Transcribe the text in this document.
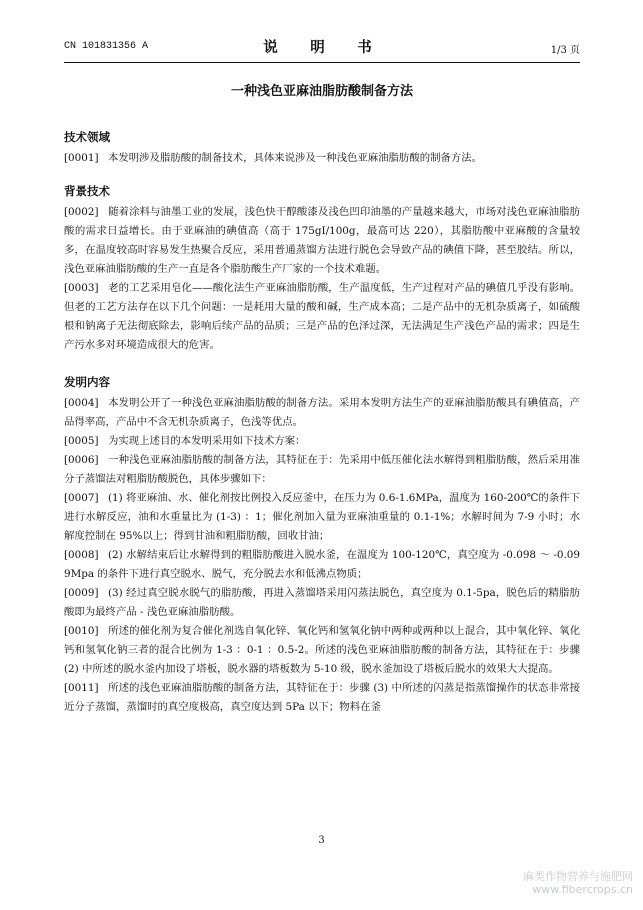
CN 101831356 A	说　明　书	1/3 页
一种浅色亚麻油脂肪酸制备方法
技术领域

[0001] 本发明涉及脂肪酸的制备技术，具体来说涉及一种浅色亚麻油脂肪酸的制备方法。

背景技术

[0002] 随着涂料与油墨工业的发展，浅色快干醇酸漆及浅色凹印油墨的产量越来越大，市场对浅色亚麻油脂肪酸的需求日益增长。由于亚麻油的碘值高（高于 175gI/100g，最高可达 220），其脂肪酸中亚麻酸的含量较多，在温度较高时容易发生热聚合反应，采用普通蒸馏方法进行脱色会导致产品的碘值下降，甚至胶结。所以，浅色亚麻油脂肪酸的生产一直是各个脂肪酸生产厂家的一个技术难题。

[0003] 老的工艺采用皂化——酸化法生产亚麻油脂肪酸，生产温度低，生产过程对产品的碘值几乎没有影响。但老的工艺方法存在以下几个问题：一是耗用大量的酸和碱，生产成本高；二是产品中的无机杂质离子，如硫酸根和钠离子无法彻底除去，影响后续产品的品质；三是产品的色泽过深，无法满足生产浅色产品的需求；四是生产污水多对环境造成很大的危害。

发明内容

[0004] 本发明公开了一种浅色亚麻油脂肪酸的制备方法。采用本发明方法生产的亚麻油脂肪酸具有碘值高，产品得率高，产品中不含无机杂质离子，色浅等优点。

[0005] 为实现上述目的本发明采用如下技术方案：

[0006] 一种浅色亚麻油脂肪酸的制备方法，其特征在于：先采用中低压催化法水解得到粗脂肪酸，然后采用准分子蒸馏法对粗脂肪酸脱色，具体步骤如下：

[0007] (1) 将亚麻油、水、催化剂按比例投入反应釜中，在压力为 0.6-1.6MPa，温度为 160-200℃的条件下进行水解反应，油和水重量比为 (1-3) ：1；催化剂加入量为亚麻油重量的 0.1-1%；水解时间为 7-9 小时；水解度控制在 95%以上；得到甘油和粗脂肪酸，回收甘油；

[0008] (2) 水解结束后让水解得到的粗脂肪酸进入脱水釜，在温度为 100-120℃，真空度为 -0.098 ～ -0.099Mpa 的条件下进行真空脱水、脱气，充分脱去水和低沸点物质；

[0009] (3) 经过真空脱水脱气的脂肪酸，再进入蒸馏塔采用闪蒸法脱色，真空度为 0.1-5pa，脱色后的精脂肪酸即为最终产品 - 浅色亚麻油脂肪酸。

[0010] 所述的催化剂为复合催化剂选自氧化锌、氧化钙和氢氧化钠中两种或两种以上混合，其中氧化锌、氧化钙和氢氧化钠三者的混合比例为 1-3 ：0-1 ：0.5-2。所述的浅色亚麻油脂肪酸的制备方法，其特征在于：步骤 (2) 中所述的脱水釜内加设了塔板，脱水器的塔板数为 5-10 级，脱水釜加设了塔板后脱水的效果大大提高。

[0011] 所述的浅色亚麻油脂肪酸的制备方法，其特征在于：步骤 (3) 中所述的闪蒸是指蒸馏操作的状态非常接近分子蒸馏，蒸馏时的真空度极高，真空度达到 5Pa 以下；物料在釜

3
麻类作物营养与施肥网
www.fibercrops.cn
